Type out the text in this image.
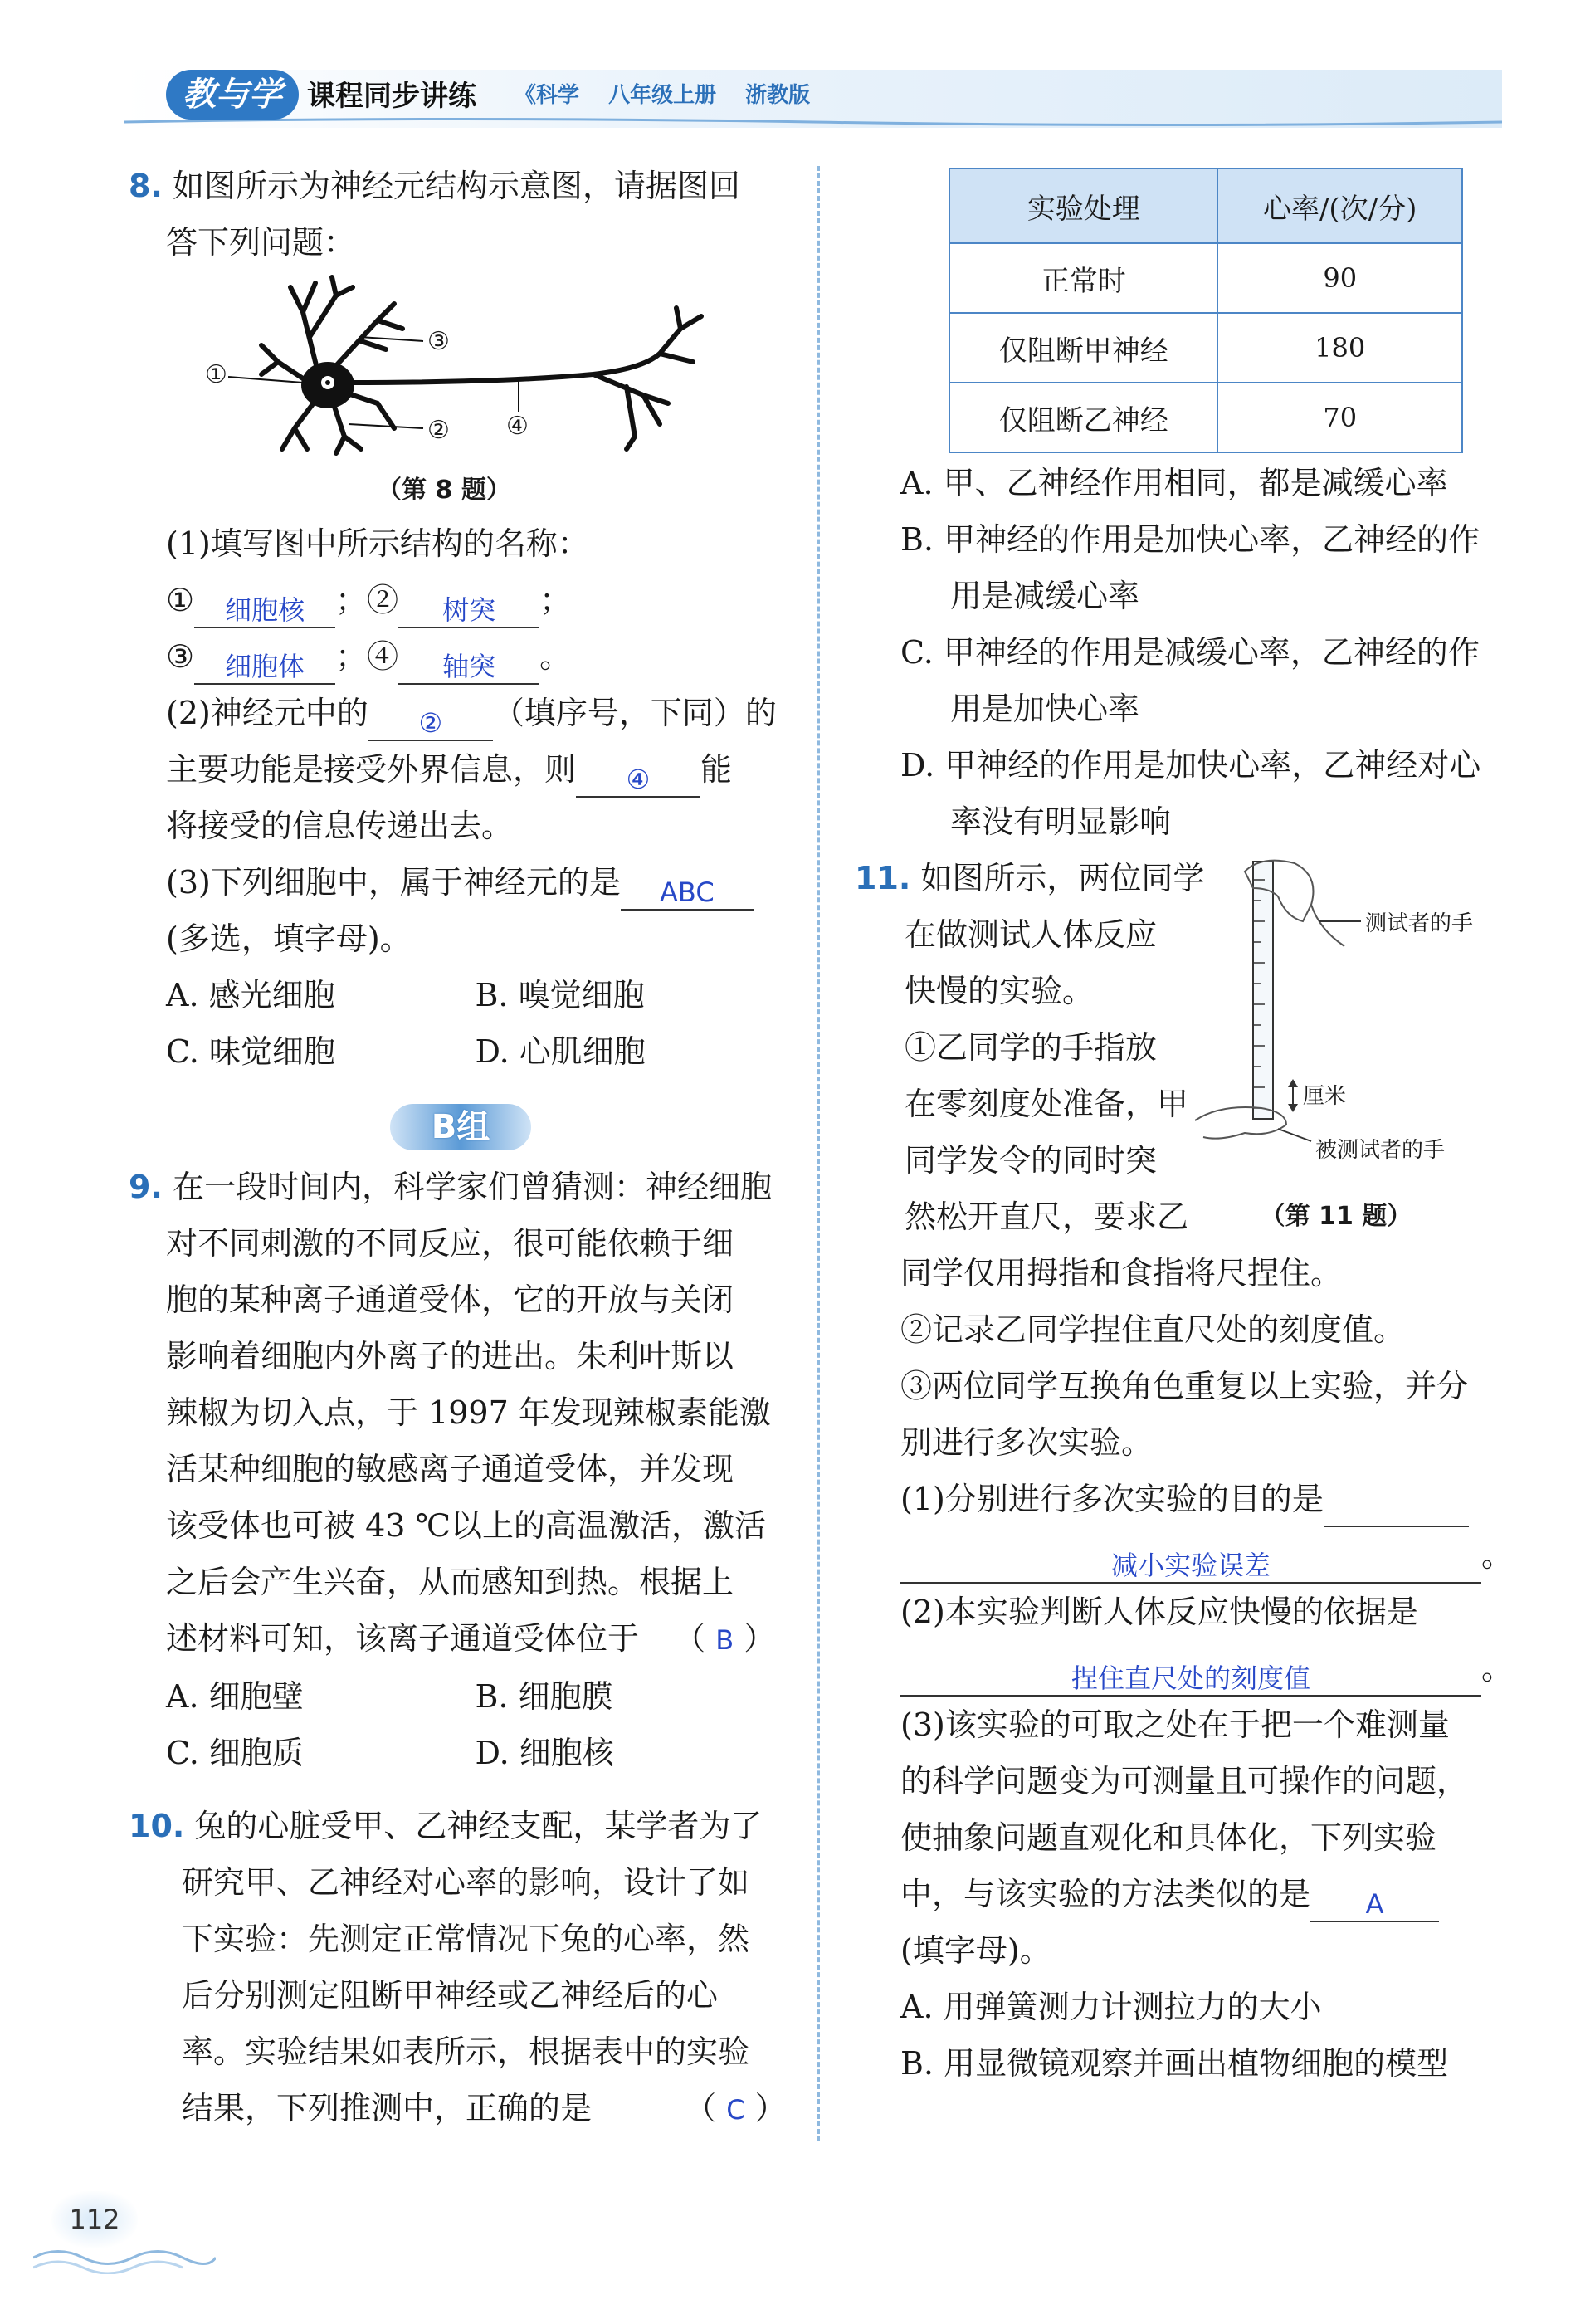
教与学 课程同步讲练 《科学 八年级上册 浙教版
8. 如图所示为神经元结构示意图，请据图回
答下列问题：
①
②
③
④
（第 8 题）
(1)填写图中所示结构的名称：
① 细胞核 ；② 树突 ；
③ 细胞体 ；④ 轴突 。
(2)神经元中的 ② （填序号，下同）的
主要功能是接受外界信息，则 ④ 能
将接受的信息传递出去。
(3)下列细胞中，属于神经元的是 ABC
(多选，填字母)。
A. 感光细胞	B. 嗅觉细胞
C. 味觉细胞	D. 心肌细胞
B组
9. 在一段时间内，科学家们曾猜测：神经细胞
对不同刺激的不同反应，很可能依赖于细
胞的某种离子通道受体，它的开放与关闭
影响着细胞内外离子的进出。朱利叶斯以
辣椒为切入点，于 1997 年发现辣椒素能激
活某种细胞的敏感离子通道受体，并发现
该受体也可被 43 ℃以上的高温激活，激活
之后会产生兴奋，从而感知到热。根据上
述材料可知，该离子通道受体位于 （ B ）
A. 细胞壁	B. 细胞膜
C. 细胞质	D. 细胞核
10. 兔的心脏受甲、乙神经支配，某学者为了
研究甲、乙神经对心率的影响，设计了如
下实验：先测定正常情况下兔的心率，然
后分别测定阻断甲神经或乙神经后的心
率。实验结果如表所示，根据表中的实验
结果，下列推测中，正确的是	（ C ）
实验处理	心率/(次/分)
正常时	90
仅阻断甲神经	180
仅阻断乙神经	70
A. 甲、乙神经作用相同，都是减缓心率
B. 甲神经的作用是加快心率，乙神经的作
用是减缓心率
C. 甲神经的作用是减缓心率，乙神经的作
用是加快心率
D. 甲神经的作用是加快心率，乙神经对心
率没有明显影响
11. 如图所示，两位同学
在做测试人体反应
快慢的实验。
①乙同学的手指放
在零刻度处准备，甲
同学发令的同时突
然松开直尺，要求乙
测试者的手
厘米
被测试者的手
（第 11 题）
同学仅用拇指和食指将尺捏住。
②记录乙同学捏住直尺处的刻度值。
③两位同学互换角色重复以上实验，并分
别进行多次实验。
(1)分别进行多次实验的目的是
减小实验误差	。
(2)本实验判断人体反应快慢的依据是
捏住直尺处的刻度值	。
(3)该实验的可取之处在于把一个难测量
的科学问题变为可测量且可操作的问题，
使抽象问题直观化和具体化，下列实验
中，与该实验的方法类似的是 A
(填字母)。
A. 用弹簧测力计测拉力的大小
B. 用显微镜观察并画出植物细胞的模型
112
